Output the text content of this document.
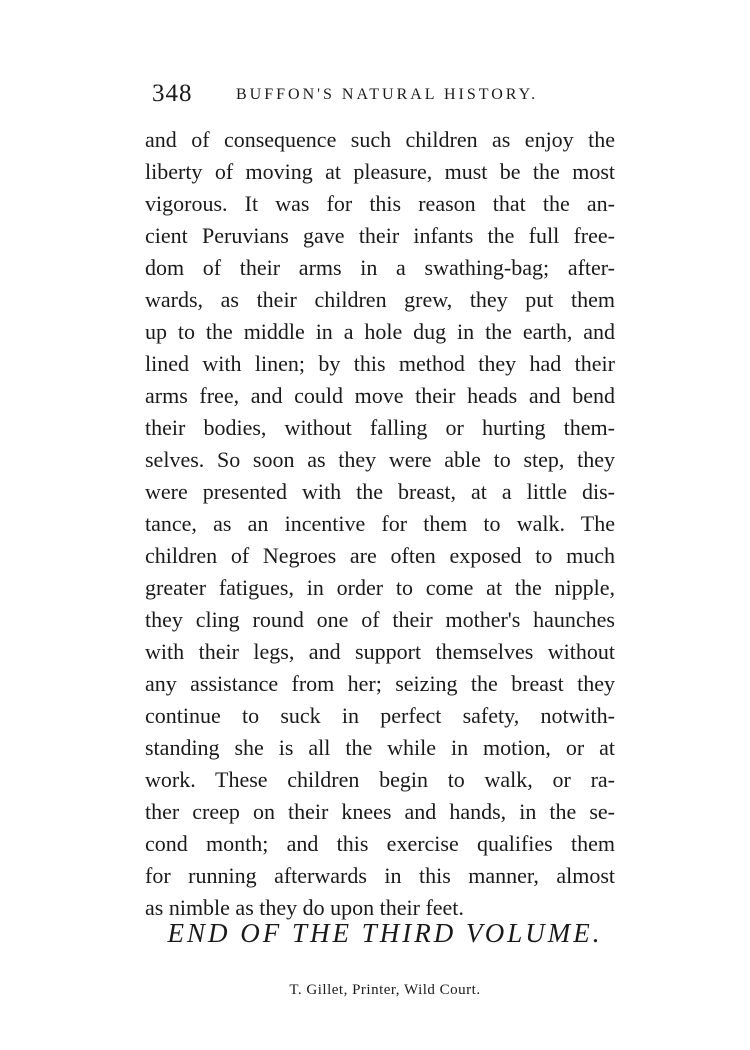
348	BUFFON'S NATURAL HISTORY.
and of consequence such children as enjoy the
liberty of moving at pleasure, must be the most
vigorous. It was for this reason that the an-
cient Peruvians gave their infants the full free-
dom of their arms in a swathing-bag; after-
wards, as their children grew, they put them
up to the middle in a hole dug in the earth, and
lined with linen; by this method they had their
arms free, and could move their heads and bend
their bodies, without falling or hurting them-
selves. So soon as they were able to step, they
were presented with the breast, at a little dis-
tance, as an incentive for them to walk. The
children of Negroes are often exposed to much
greater fatigues, in order to come at the nipple,
they cling round one of their mother's haunches
with their legs, and support themselves without
any assistance from her; seizing the breast they
continue to suck in perfect safety, notwith-
standing she is all the while in motion, or at
work. These children begin to walk, or ra-
ther creep on their knees and hands, in the se-
cond month; and this exercise qualifies them
for running afterwards in this manner, almost
as nimble as they do upon their feet.
END OF THE THIRD VOLUME.
T. Gillet, Printer, Wild Court.
